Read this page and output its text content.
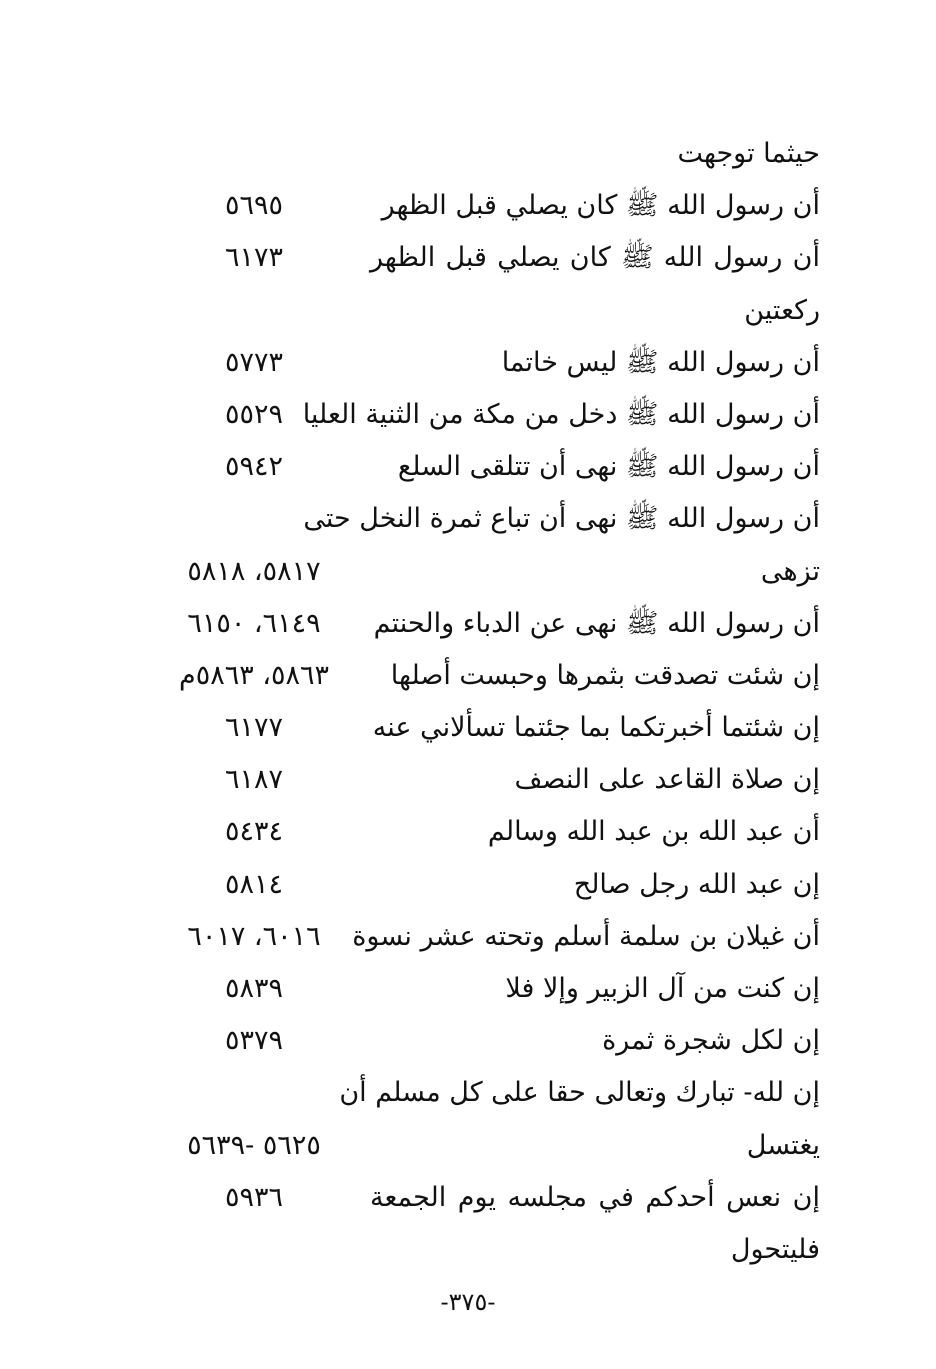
حيثما توجهت
أن رسول الله ﷺ كان يصلي قبل الظهر
٥٦٩٥
أن رسول الله ﷺ كان يصلي قبل الظهر
٦١٧٣
ركعتين
أن رسول الله ﷺ ليس خاتما
٥٧٧٣
أن رسول الله ﷺ دخل من مكة من الثنية العليا
٥٥٢٩
أن رسول الله ﷺ نهى أن تتلقى السلع
٥٩٤٢
أن رسول الله ﷺ نهى أن تباع ثمرة النخل حتى
تزهى
٥٨١٧، ٥٨١٨
أن رسول الله ﷺ نهى عن الدباء والحنتم
٦١٤٩، ٦١٥٠
إن شئت تصدقت بثمرها وحبست أصلها
٥٨٦٣، ٥٨٦٣م
إن شئتما أخبرتكما بما جئتما تسألاني عنه
٦١٧٧
إن صلاة القاعد على النصف
٦١٨٧
أن عبد الله بن عبد الله وسالم
٥٤٣٤
إن عبد الله رجل صالح
٥٨١٤
أن غيلان بن سلمة أسلم وتحته عشر نسوة
٦٠١٦، ٦٠١٧
إن كنت من آل الزبير وإلا فلا
٥٨٣٩
إن لكل شجرة ثمرة
٥٣٧٩
إن لله- تبارك وتعالى حقا على كل مسلم أن
يغتسل
٥٦٢٥ -٥٦٣٩
إن نعس أحدكم في مجلسه يوم الجمعة
٥٩٣٦
فليتحول
-٣٧٥-
